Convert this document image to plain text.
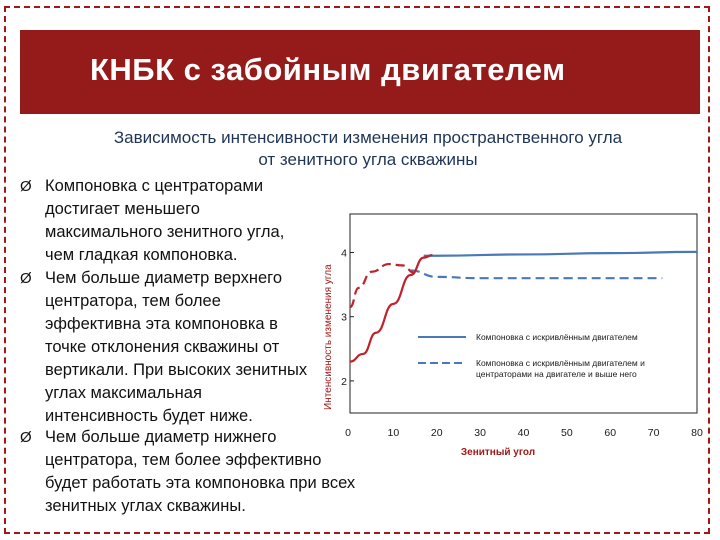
КНБК с забойным двигателем
Зависимость интенсивности изменения пространственного угла
от зенитного угла скважины
Ø Компоновка с центраторами достигает меньшего максимального зенитного угла, чем гладкая компоновка.
Ø Чем больше диаметр верхнего центратора, тем более эффективна эта компоновка в точке отклонения скважины от вертикали. При высоких зенитных углах максимальная интенсивность будет ниже.
Ø Чем больше диаметр нижнего центратора, тем более эффективно будет работать эта компоновка при всех зенитных углах скважины.
2
3
4
0	10	20	30	40	50	60	70	80
Компоновка с искривлённым двигателем
Компоновка с искривлённым двигателем и
центраторами на двигателе и выше него
Интенсивность изменения угла
Зенитный угол
